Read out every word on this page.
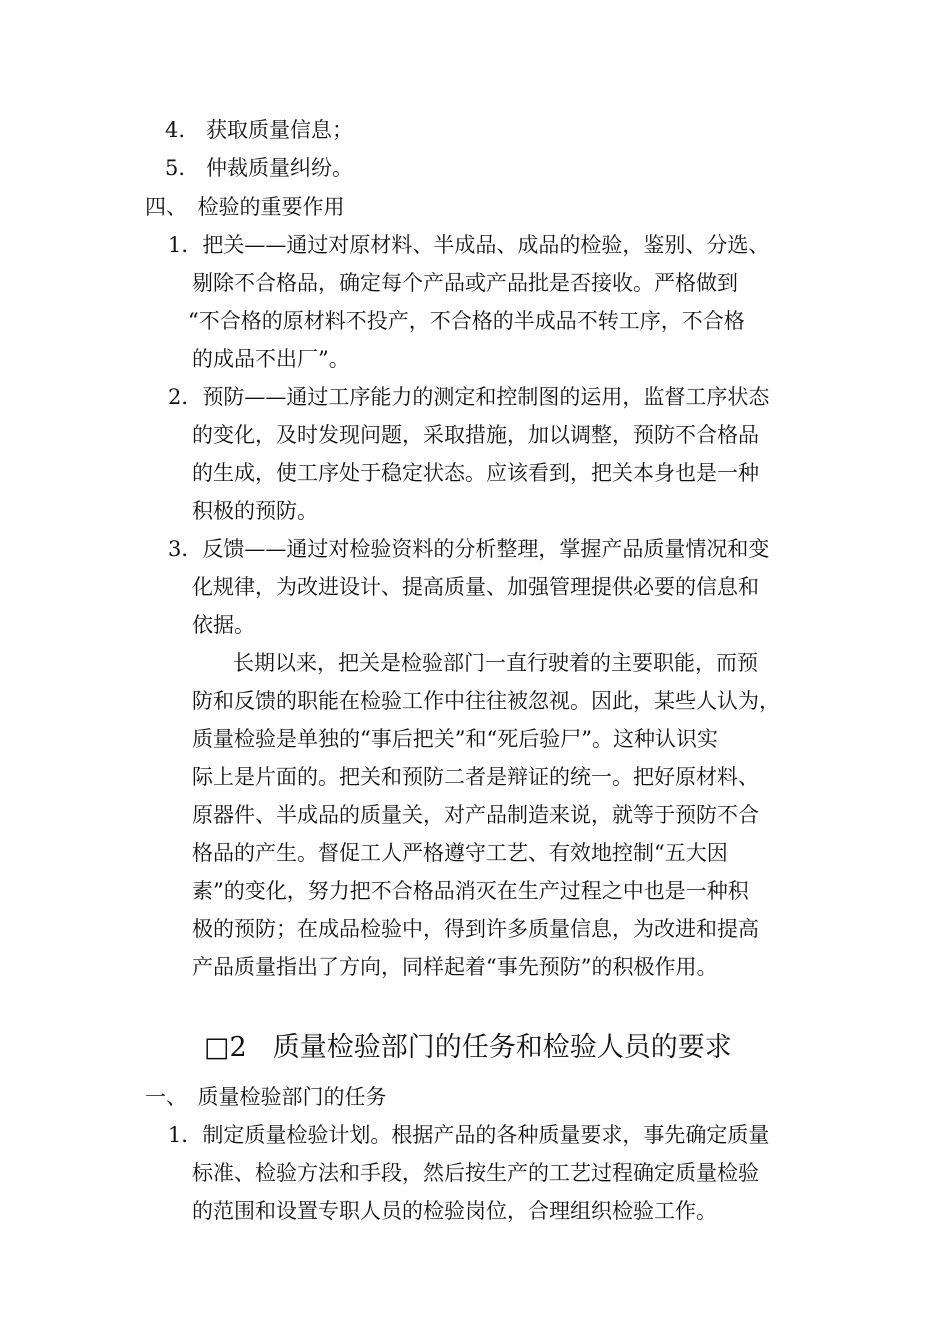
4.　获取质量信息；
5.　仲裁质量纠纷。
四、　检验的重要作用
1．把关——通过对原材料、半成品、成品的检验，鉴别、分选、
剔除不合格品，确定每个产品或产品批是否接收。严格做到
“不合格的原材料不投产，不合格的半成品不转工序，不合格
的成品不出厂”。
2．预防——通过工序能力的测定和控制图的运用，监督工序状态
的变化，及时发现问题，采取措施，加以调整，预防不合格品
的生成，使工序处于稳定状态。应该看到，把关本身也是一种
积极的预防。
3．反馈——通过对检验资料的分析整理，掌握产品质量情况和变
化规律，为改进设计、提高质量、加强管理提供必要的信息和
依据。
长期以来，把关是检验部门一直行驶着的主要职能，而预
防和反馈的职能在检验工作中往往被忽视。因此，某些人认为，
质量检验是单独的“事后把关”和“死后验尸”。这种认识实
际上是片面的。把关和预防二者是辩证的统一。把好原材料、
原器件、半成品的质量关，对产品制造来说，就等于预防不合
格品的产生。督促工人严格遵守工艺、有效地控制“五大因
素”的变化，努力把不合格品消灭在生产过程之中也是一种积
极的预防；在成品检验中，得到许多质量信息，为改进和提高
产品质量指出了方向，同样起着“事先预防”的积极作用。
□2 质量检验部门的任务和检验人员的要求
一、　质量检验部门的任务
1．制定质量检验计划。根据产品的各种质量要求，事先确定质量
标准、检验方法和手段，然后按生产的工艺过程确定质量检验
的范围和设置专职人员的检验岗位，合理组织检验工作。
